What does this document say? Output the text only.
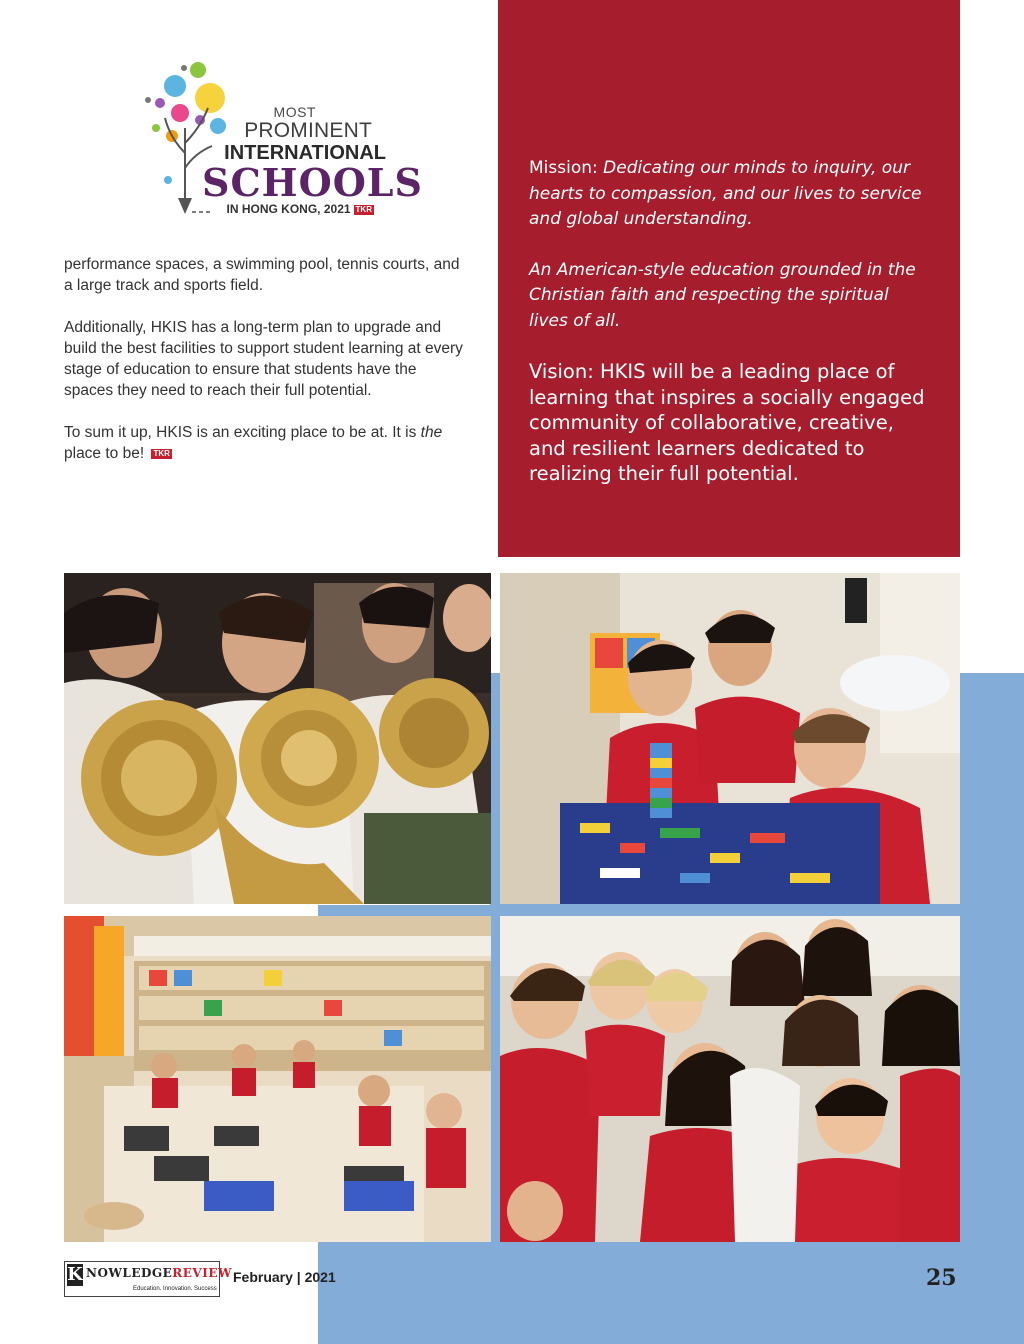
MOST
PROMINENT
INTERNATIONAL
SCHOOLS
IN HONG KONG, 2021 TKR

performance spaces, a swimming pool, tennis courts, and a large track and sports field.

Additionally, HKIS has a long-term plan to upgrade and build the best facilities to support student learning at every stage of education to ensure that students have the spaces they need to reach their full potential.

To sum it up, HKIS is an exciting place to be at. It is the place to be! TKR

Mission: Dedicating our minds to inquiry, our hearts to compassion, and our lives to service and global understanding.

An American-style education grounded in the Christian faith and respecting the spiritual lives of all.

Vision: HKIS will be a leading place of learning that inspires a socially engaged community of collaborative, creative, and resilient learners dedicated to realizing their full potential.

K NOWLEDGEREVIEW
Education. Innovation. Success
February | 2021	25
